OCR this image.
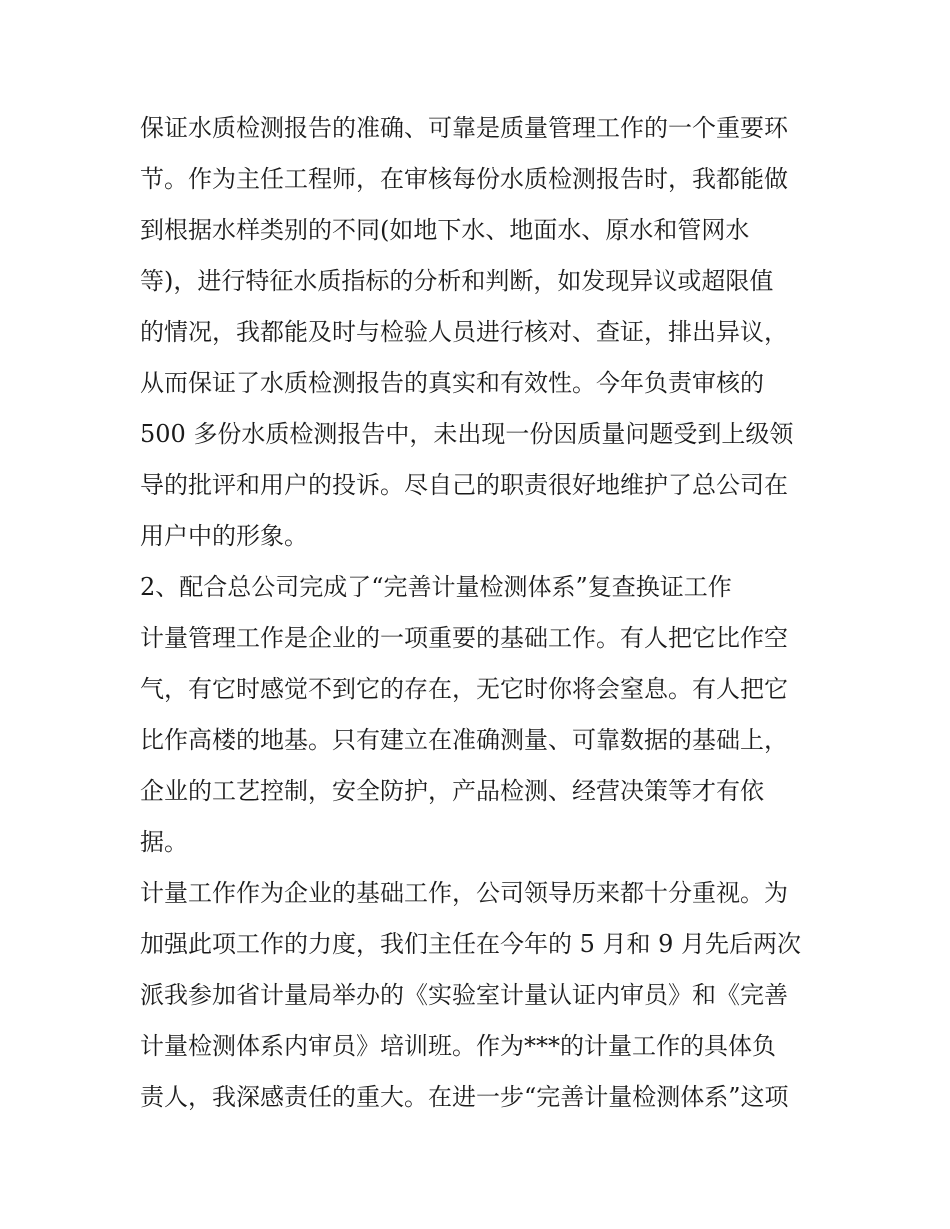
保证水质检测报告的准确、可靠是质量管理工作的一个重要环
节。作为主任工程师，在审核每份水质检测报告时，我都能做
到根据水样类别的不同(如地下水、地面水、原水和管网水
等)，进行特征水质指标的分析和判断，如发现异议或超限值
的情况，我都能及时与检验人员进行核对、查证，排出异议，
从而保证了水质检测报告的真实和有效性。今年负责审核的
500 多份水质检测报告中，未出现一份因质量问题受到上级领
导的批评和用户的投诉。尽自己的职责很好地维护了总公司在
用户中的形象。
2、配合总公司完成了“完善计量检测体系”复查换证工作
计量管理工作是企业的一项重要的基础工作。有人把它比作空
气，有它时感觉不到它的存在，无它时你将会窒息。有人把它
比作高楼的地基。只有建立在准确测量、可靠数据的基础上，
企业的工艺控制，安全防护，产品检测、经营决策等才有依
据。
计量工作作为企业的基础工作，公司领导历来都十分重视。为
加强此项工作的力度，我们主任在今年的 5 月和 9 月先后两次
派我参加省计量局举办的《实验室计量认证内审员》和《完善
计量检测体系内审员》培训班。作为***的计量工作的具体负
责人，我深感责任的重大。在进一步“完善计量检测体系”这项
